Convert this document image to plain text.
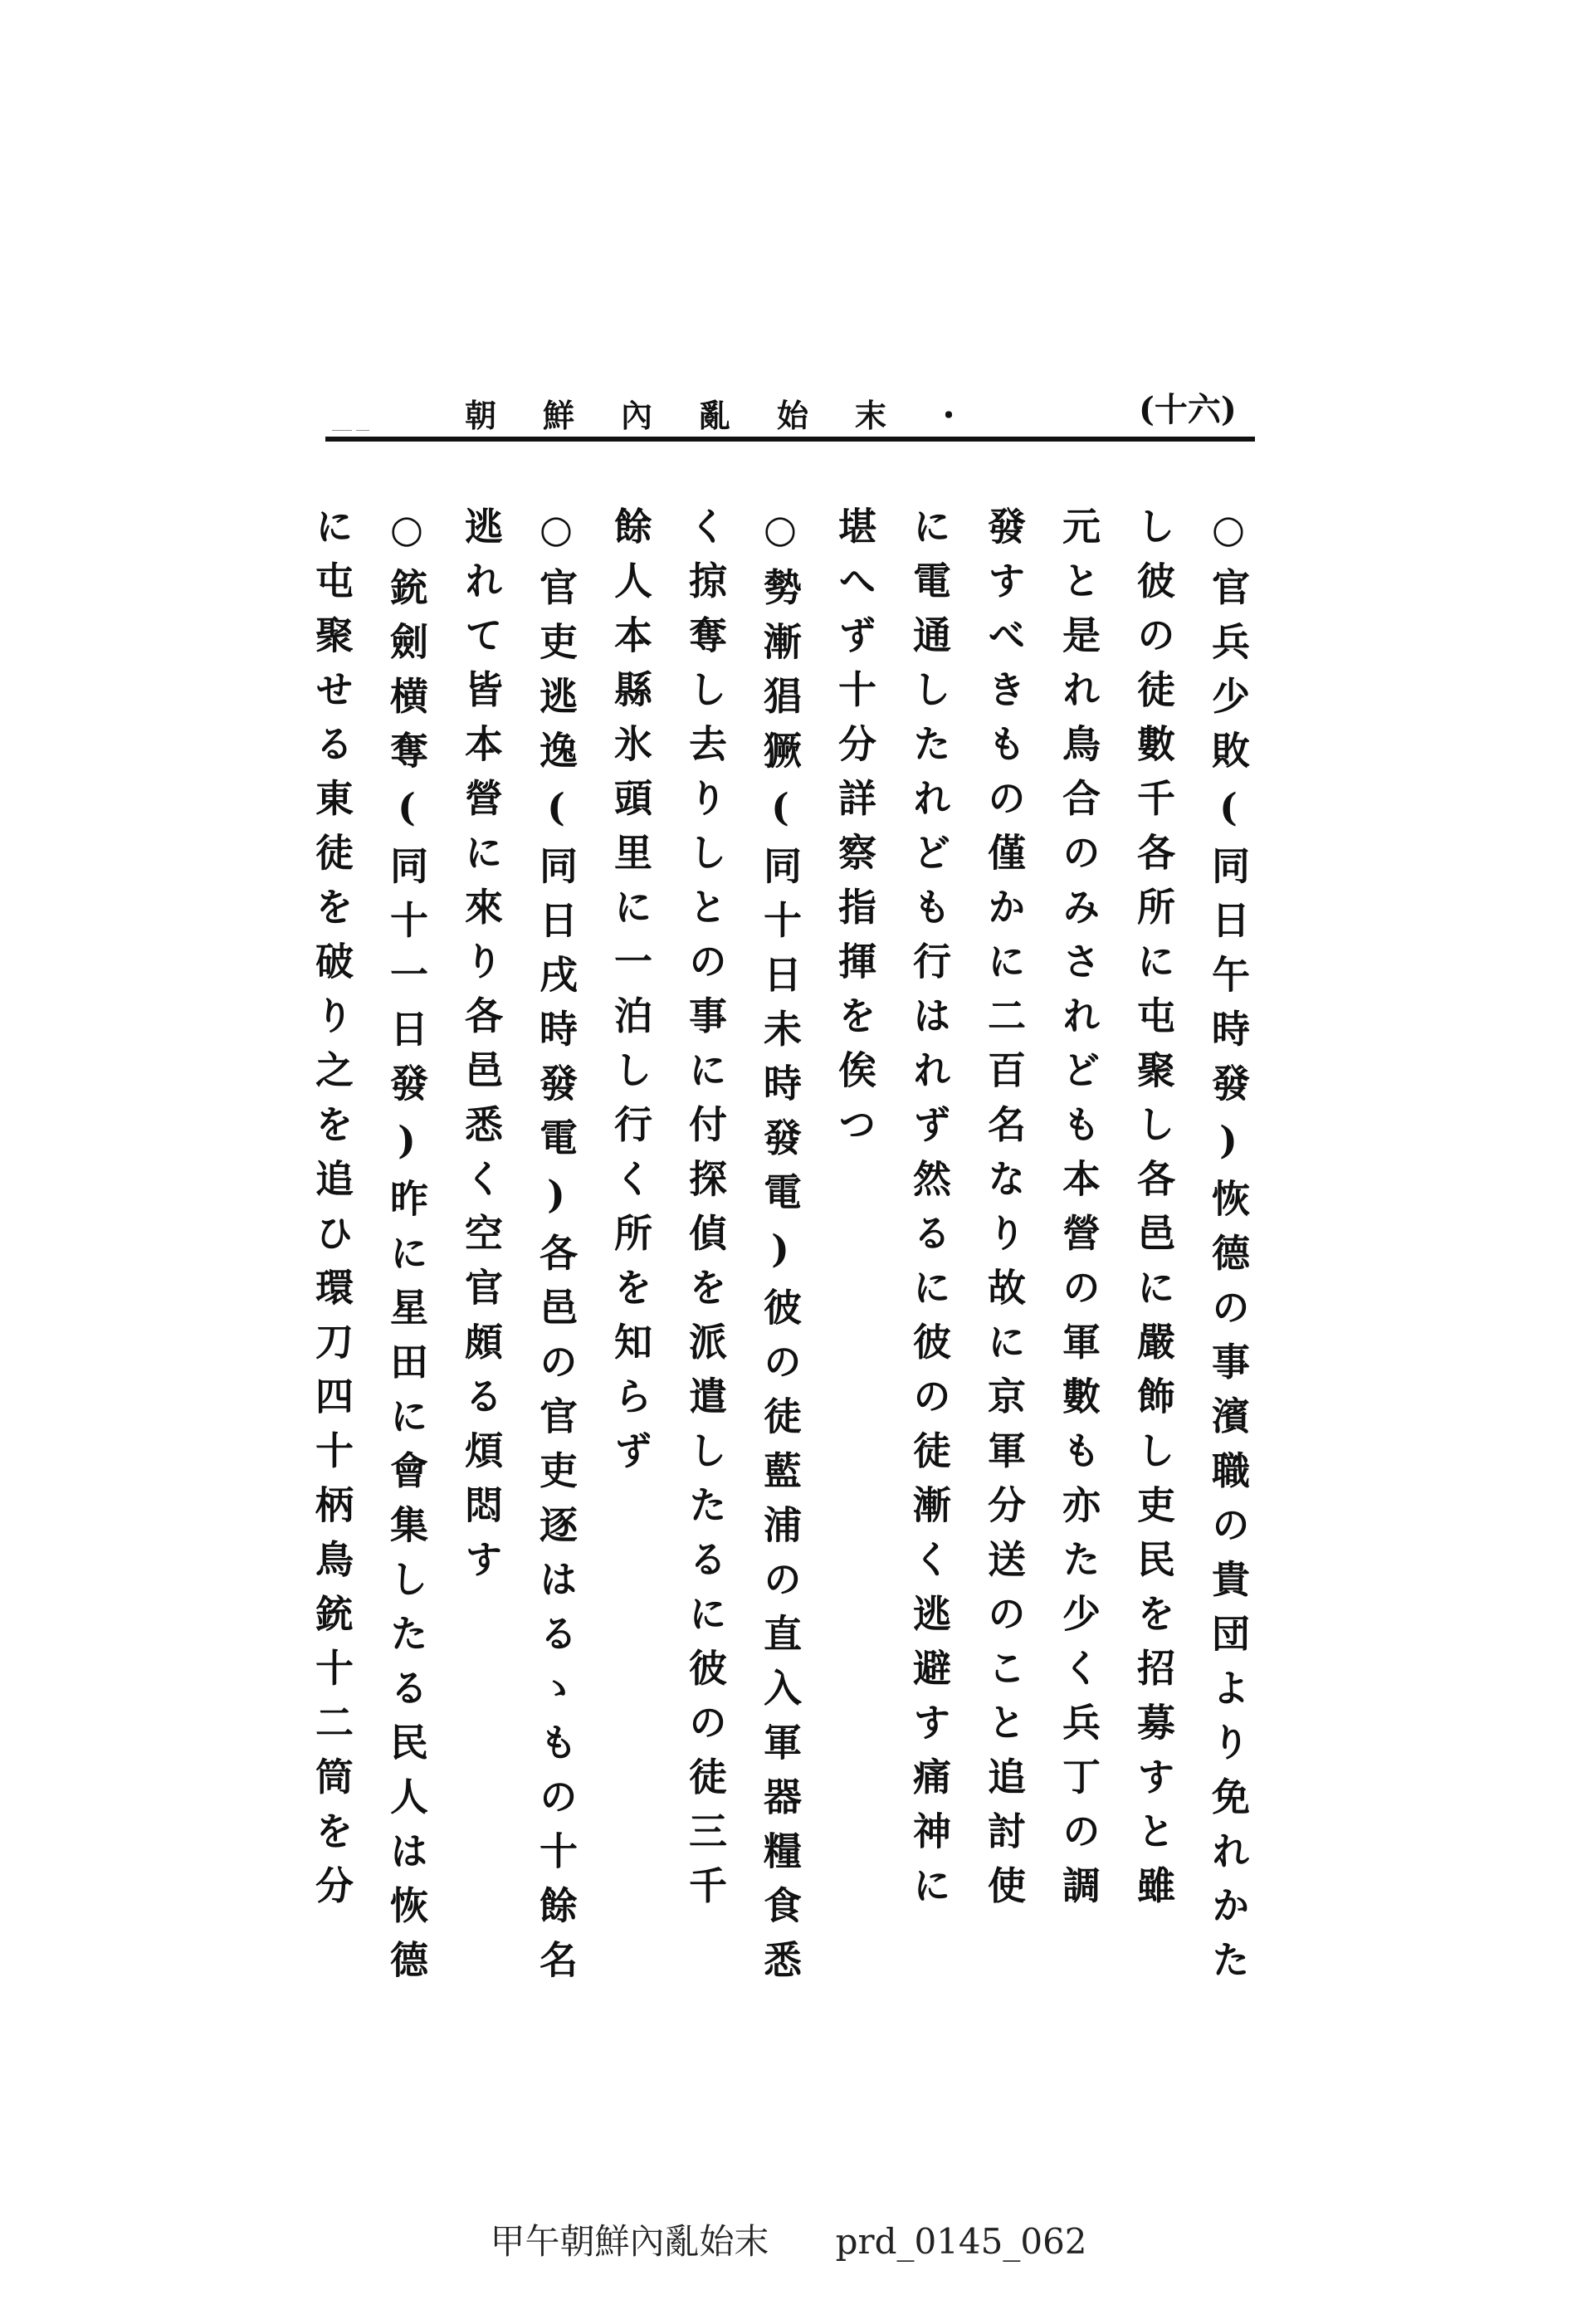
___ __	朝鮮內亂始末・	(十六)
○官兵少敗(同日午時發)恢德の事濱職の貴団より免れかた
し彼の徒數千各所に屯聚し各邑に嚴飾し吏民を招募すと雖
元と是れ鳥合のみされども本營の軍數も亦た少く兵丁の調
發すべきもの僅かに二百名なり故に京軍分送のこと追討使
に電通したれども行はれず然るに彼の徒漸く逃避す痛神に
堪へず十分詳察指揮を俟つ
○勢漸猖獗(同十日未時發電)彼の徒藍浦の直入軍器糧食悉
く掠奪し去りしとの事に付探偵を派遣したるに彼の徒三千
餘人本縣氷頭里に一泊し行く所を知らず
○官吏逃逸(同日戌時發電)各邑の官吏逐はるゝもの十餘名
逃れて皆本營に來り各邑悉く空官頗る煩悶す
○銃劍横奪(同十一日發)昨に星田に會集したる民人は恢德
に屯聚せる東徒を破り之を追ひ環刀四十柄鳥銃十二筒を分
甲午朝鮮內亂始末 prd_0145_062
